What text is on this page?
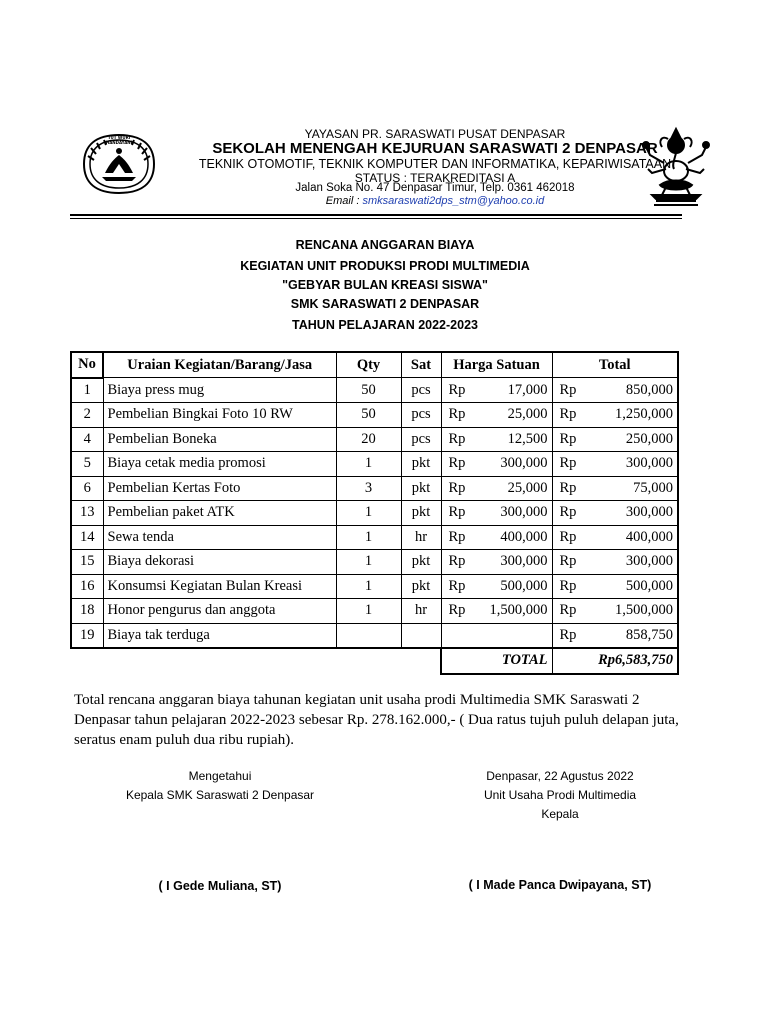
TUT WURI HANDAYANI
YAYASAN PR. SARASWATI PUSAT DENPASAR
SEKOLAH MENENGAH KEJURUAN SARASWATI 2 DENPASAR
TEKNIK OTOMOTIF, TEKNIK KOMPUTER DAN INFORMATIKA, KEPARIWISATAAN
STATUS : TERAKREDITASI A
Jalan Soka No. 47 Denpasar Timur, Telp. 0361 462018
Email : smksaraswati2dps_stm@yahoo.co.id
RENCANA ANGGARAN BIAYA
KEGIATAN UNIT PRODUKSI PRODI MULTIMEDIA
"GEBYAR BULAN KREASI SISWA"
SMK SARASWATI 2 DENPASAR
TAHUN PELAJARAN 2022-2023
No	Uraian Kegiatan/Barang/Jasa	Qty	Sat	Harga Satuan		Total	
1	Biaya press mug	50	pcs	Rp	17,000	Rp	850,000
2	Pembelian Bingkai Foto 10 RW	50	pcs	Rp	25,000	Rp	1,250,000
4	Pembelian Boneka	20	pcs	Rp	12,500	Rp	250,000
5	Biaya cetak media promosi	1	pkt	Rp	300,000	Rp	300,000
6	Pembelian Kertas Foto	3	pkt	Rp	25,000	Rp	75,000
13	Pembelian paket ATK	1	pkt	Rp	300,000	Rp	300,000
14	Sewa tenda	1	hr	Rp	400,000	Rp	400,000
15	Biaya dekorasi	1	pkt	Rp	300,000	Rp	300,000
16	Konsumsi Kegiatan Bulan Kreasi	1	pkt	Rp	500,000	Rp	500,000
18	Honor pengurus dan anggota	1	hr	Rp	1,500,000	Rp	1,500,000
19	Biaya tak terduga					Rp	858,750
				TOTAL		Rp6,583,750	

Total rencana anggaran biaya tahunan kegiatan unit usaha prodi Multimedia SMK Saraswati 2 Denpasar tahun pelajaran 2022-2023 sebesar Rp. 278.162.000,- ( Dua ratus tujuh puluh delapan juta, seratus enam puluh dua ribu rupiah).

Mengetahui
Kepala SMK Saraswati 2 Denpasar
Denpasar, 22 Agustus 2022
Unit Usaha Prodi Multimedia
Kepala
( I Gede Muliana, ST)	( I Made Panca Dwipayana, ST)
